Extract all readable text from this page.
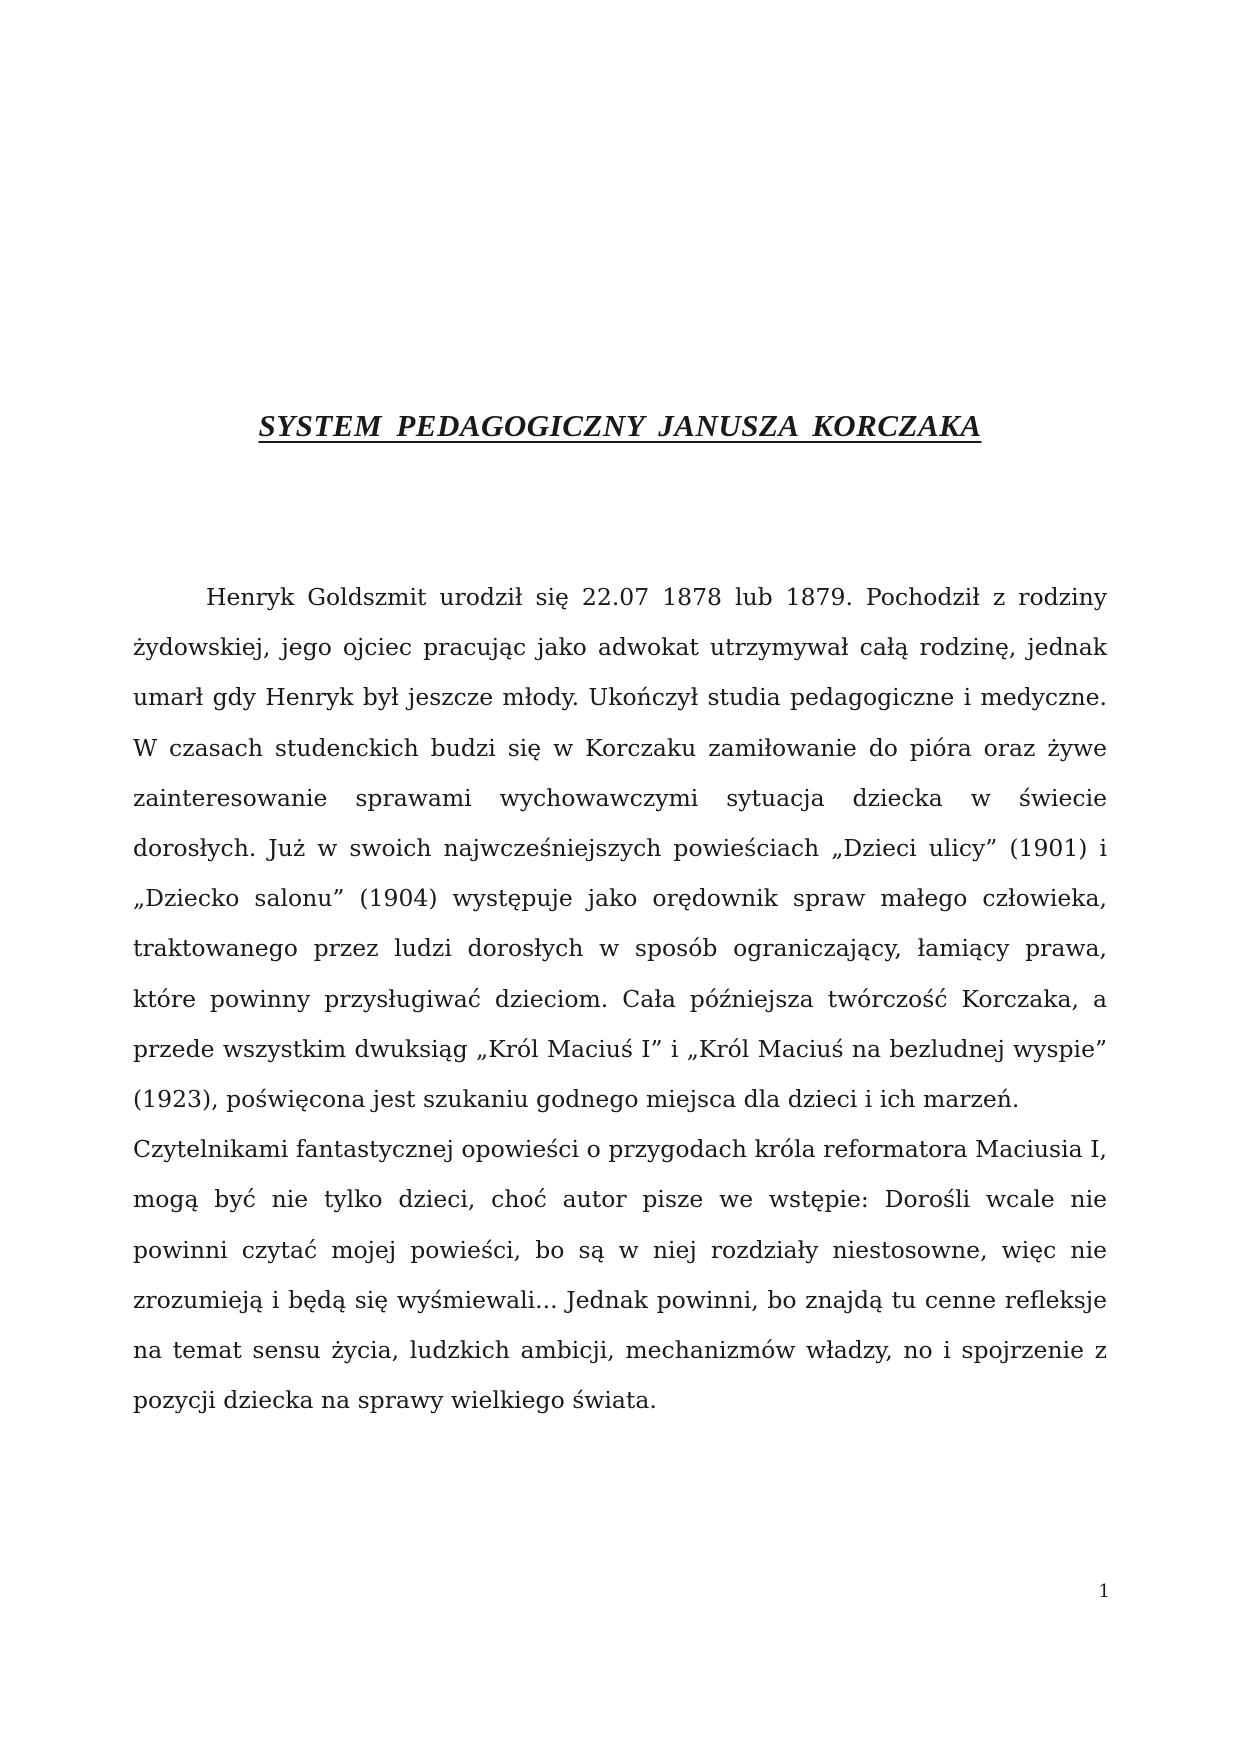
SYSTEM PEDAGOGICZNY JANUSZA KORCZAKA

Henryk Goldszmit urodził się 22.07 1878 lub 1879. Pochodził z rodziny żydowskiej, jego ojciec pracując jako adwokat utrzymywał całą rodzinę, jednak umarł gdy Henryk był jeszcze młody. Ukończył studia pedagogiczne i medyczne. W czasach studenckich budzi się w Korczaku zamiłowanie do pióra oraz żywe zainteresowanie sprawami wychowawczymi sytuacja dziecka w świecie dorosłych. Już w swoich najwcześniejszych powieściach „Dzieci ulicy” (1901) i „Dziecko salonu” (1904) występuje jako orędownik spraw małego człowieka, traktowanego przez ludzi dorosłych w sposób ograniczający, łamiący prawa, które powinny przysługiwać dzieciom. Cała późniejsza twórczość Korczaka, a przede wszystkim dwuksiąg „Król Maciuś I” i „Król Maciuś na bezludnej wyspie” (1923), poświęcona jest szukaniu godnego miejsca dla dzieci i ich marzeń.

Czytelnikami fantastycznej opowieści o przygodach króla reformatora Maciusia I, mogą być nie tylko dzieci, choć autor pisze we wstępie: Dorośli wcale nie powinni czytać mojej powieści, bo są w niej rozdziały niestosowne, więc nie zrozumieją i będą się wyśmiewali... Jednak powinni, bo znajdą tu cenne refleksje na temat sensu życia, ludzkich ambicji, mechanizmów władzy, no i spojrzenie z pozycji dziecka na sprawy wielkiego świata.

1
